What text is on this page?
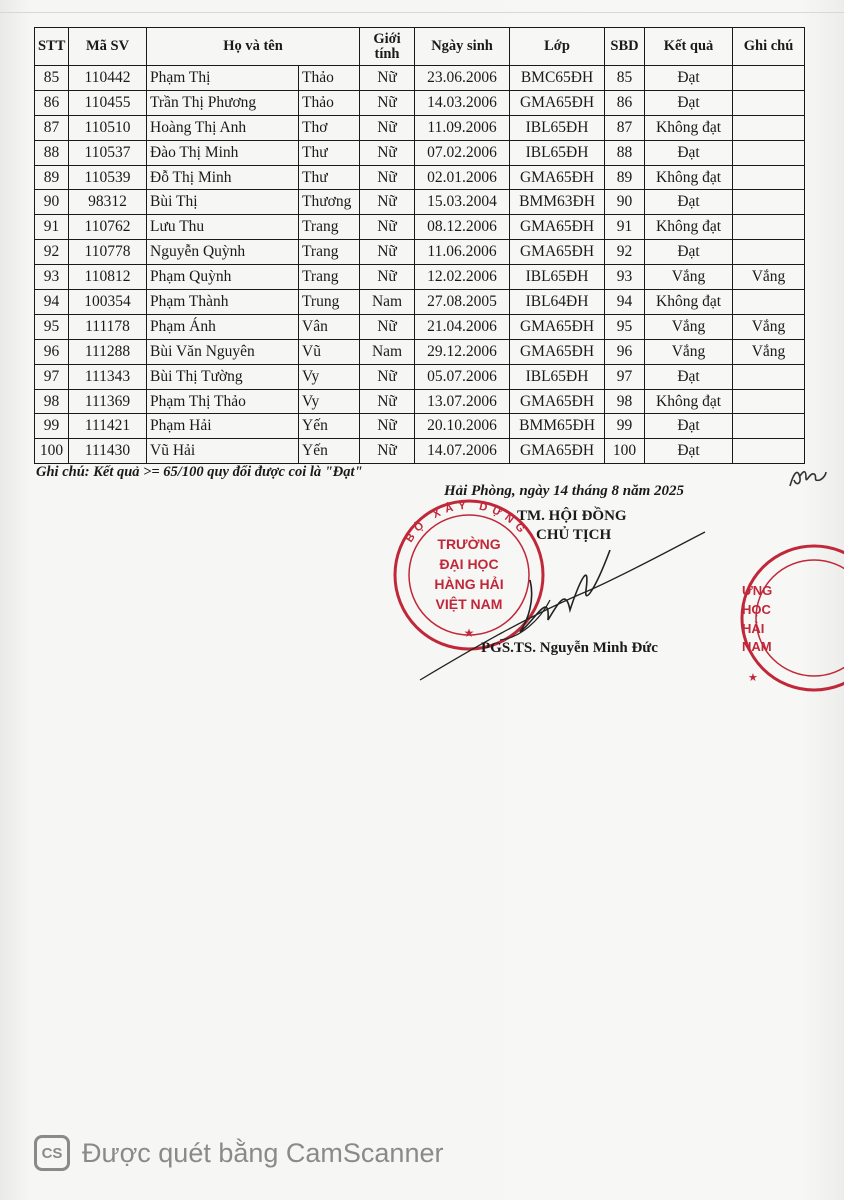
STT	Mã SV	Họ và tên		Giới tính	Ngày sinh	Lớp	SBD	Kết quả	Ghi chú
85	110442	Phạm Thị	Thảo	Nữ	23.06.2006	BMC65ĐH	85	Đạt	
86	110455	Trần Thị Phương	Thảo	Nữ	14.03.2006	GMA65ĐH	86	Đạt	
87	110510	Hoàng Thị Anh	Thơ	Nữ	11.09.2006	IBL65ĐH	87	Không đạt	
88	110537	Đào Thị Minh	Thư	Nữ	07.02.2006	IBL65ĐH	88	Đạt	
89	110539	Đỗ Thị Minh	Thư	Nữ	02.01.2006	GMA65ĐH	89	Không đạt	
90	98312	Bùi Thị	Thương	Nữ	15.03.2004	BMM63ĐH	90	Đạt	
91	110762	Lưu Thu	Trang	Nữ	08.12.2006	GMA65ĐH	91	Không đạt	
92	110778	Nguyễn Quỳnh	Trang	Nữ	11.06.2006	GMA65ĐH	92	Đạt	
93	110812	Phạm Quỳnh	Trang	Nữ	12.02.2006	IBL65ĐH	93	Vắng	Vắng
94	100354	Phạm Thành	Trung	Nam	27.08.2005	IBL64ĐH	94	Không đạt	
95	111178	Phạm Ánh	Vân	Nữ	21.04.2006	GMA65ĐH	95	Vắng	Vắng
96	111288	Bùi Văn Nguyên	Vũ	Nam	29.12.2006	GMA65ĐH	96	Vắng	Vắng
97	111343	Bùi Thị Tường	Vy	Nữ	05.07.2006	IBL65ĐH	97	Đạt	
98	111369	Phạm Thị Thảo	Vy	Nữ	13.07.2006	GMA65ĐH	98	Không đạt	
99	111421	Phạm Hải	Yến	Nữ	20.10.2006	BMM65ĐH	99	Đạt	
100	111430	Vũ Hải	Yến	Nữ	14.07.2006	GMA65ĐH	100	Đạt	
Ghi chú: Kết quả >= 65/100 quy đổi được coi là "Đạt"
Hải Phòng, ngày 14 tháng 8 năm 2025
TM. HỘI ĐỒNG
CHỦ TỊCH
BỘ XÂY DỰNG
TRƯỜNG
ĐẠI HỌC
HÀNG HẢI
VIỆT NAM
★
PGS.TS. Nguyễn Minh Đức
ƯNG
HỌC
HẢI
NAM
★
CS Được quét bằng CamScanner
